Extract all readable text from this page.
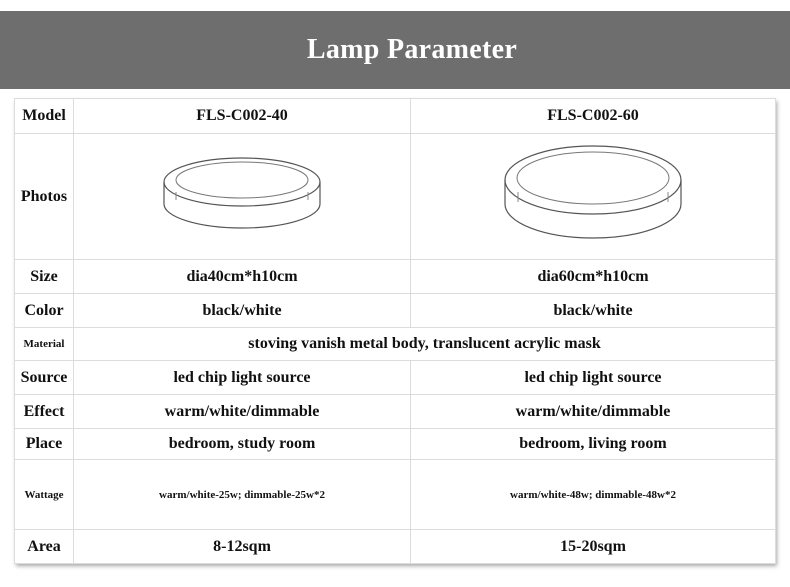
Lamp Parameter
Model	FLS-C002-40	FLS-C002-60
Photos	

Size	dia40cm*h10cm	dia60cm*h10cm
Color	black/white	black/white
Material	stoving vanish metal body, translucent acrylic mask	
Source	led chip light source	led chip light source
Effect	warm/white/dimmable	warm/white/dimmable
Place	bedroom, study room	bedroom, living room
Wattage	warm/white-25w; dimmable-25w*2	warm/white-48w; dimmable-48w*2
Area	8-12sqm	15-20sqm
